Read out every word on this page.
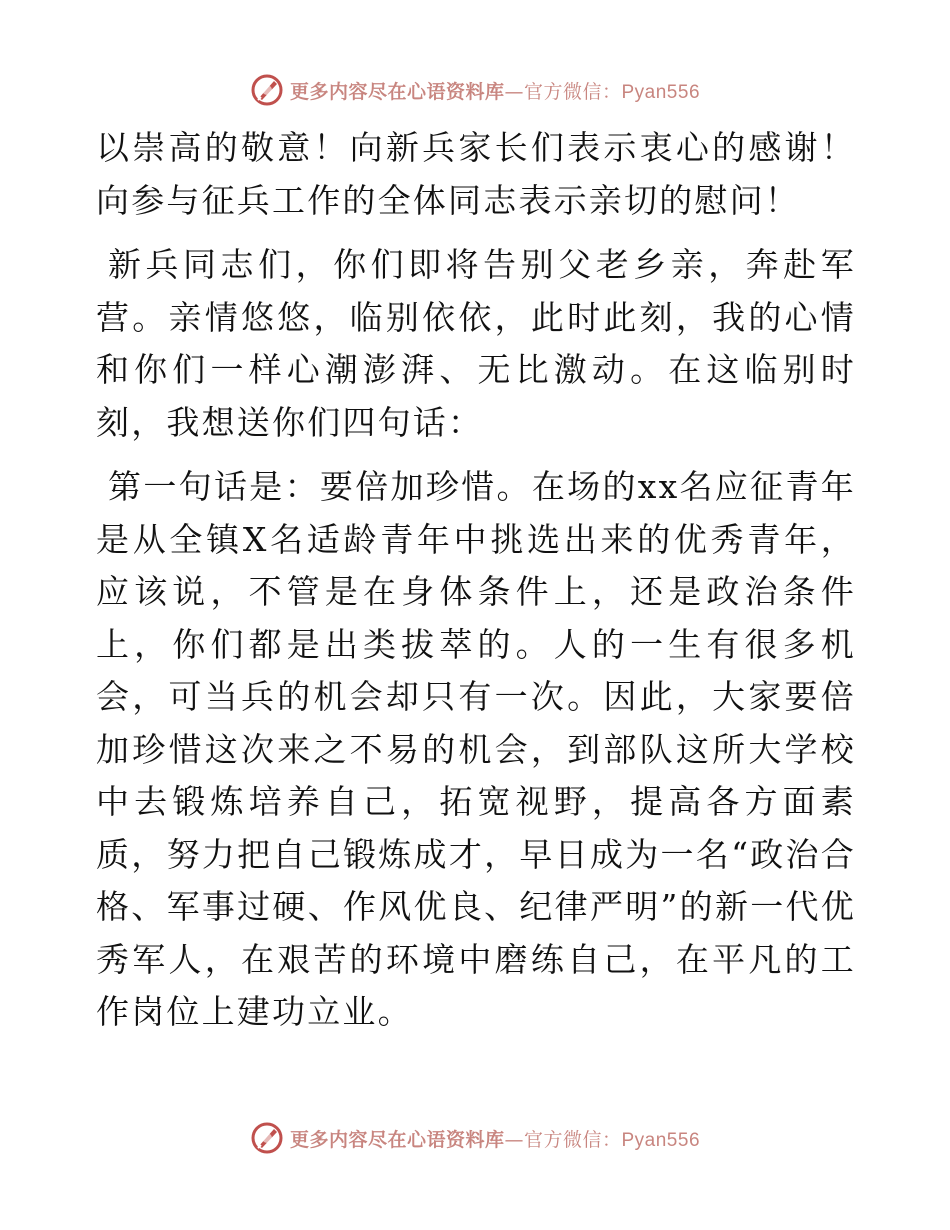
更多内容尽在心语资料库—官方微信：Pyan556

以崇高的敬意！向新兵家长们表示衷心的感谢！向参与征兵工作的全体同志表示亲切的慰问！

新兵同志们，你们即将告别父老乡亲，奔赴军营。亲情悠悠，临别依依，此时此刻，我的心情和你们一样心潮澎湃、无比激动。在这临别时刻，我想送你们四句话：

第一句话是：要倍加珍惜。在场的xx名应征青年是从全镇X名适龄青年中挑选出来的优秀青年，应该说，不管是在身体条件上，还是政治条件上，你们都是出类拔萃的。人的一生有很多机会，可当兵的机会却只有一次。因此，大家要倍加珍惜这次来之不易的机会，到部队这所大学校中去锻炼培养自己，拓宽视野，提高各方面素质，努力把自己锻炼成才，早日成为一名“政治合格、军事过硬、作风优良、纪律严明”的新一代优秀军人，在艰苦的环境中磨练自己，在平凡的工作岗位上建功立业。

更多内容尽在心语资料库—官方微信：Pyan556
